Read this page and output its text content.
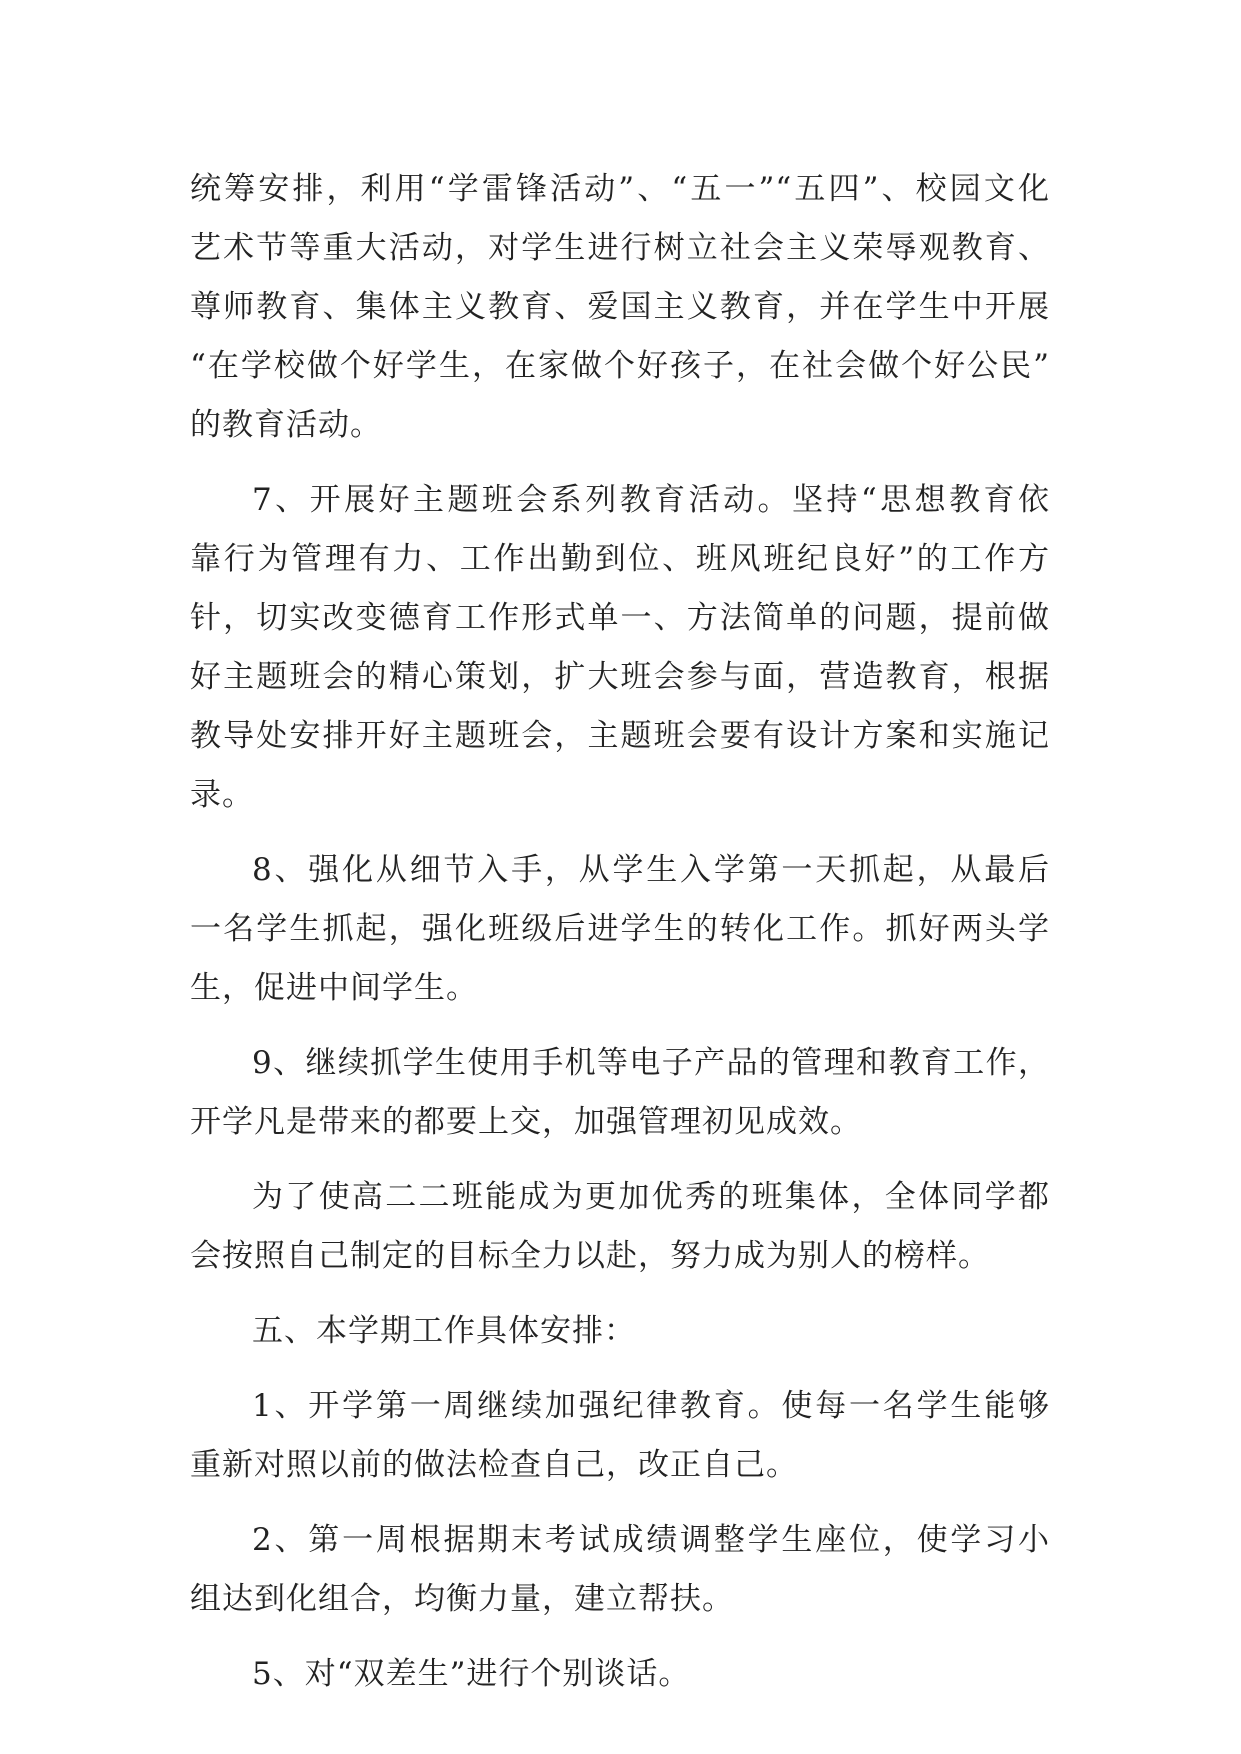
统筹安排，利用“学雷锋活动”、“五一”“五四”、校园文化
艺术节等重大活动，对学生进行树立社会主义荣辱观教育、
尊师教育、集体主义教育、爱国主义教育，并在学生中开展
“在学校做个好学生，在家做个好孩子，在社会做个好公民”
的教育活动。
7、开展好主题班会系列教育活动。坚持“思想教育依
靠行为管理有力、工作出勤到位、班风班纪良好”的工作方
针，切实改变德育工作形式单一、方法简单的问题，提前做
好主题班会的精心策划，扩大班会参与面，营造教育，根据
教导处安排开好主题班会，主题班会要有设计方案和实施记
录。
8、强化从细节入手，从学生入学第一天抓起，从最后
一名学生抓起，强化班级后进学生的转化工作。抓好两头学
生，促进中间学生。
9、继续抓学生使用手机等电子产品的管理和教育工作，
开学凡是带来的都要上交，加强管理初见成效。
为了使高二二班能成为更加优秀的班集体，全体同学都
会按照自己制定的目标全力以赴，努力成为别人的榜样。
五、本学期工作具体安排：
1、开学第一周继续加强纪律教育。使每一名学生能够
重新对照以前的做法检查自己，改正自己。
2、第一周根据期末考试成绩调整学生座位，使学习小
组达到化组合，均衡力量，建立帮扶。
5、对“双差生”进行个别谈话。
